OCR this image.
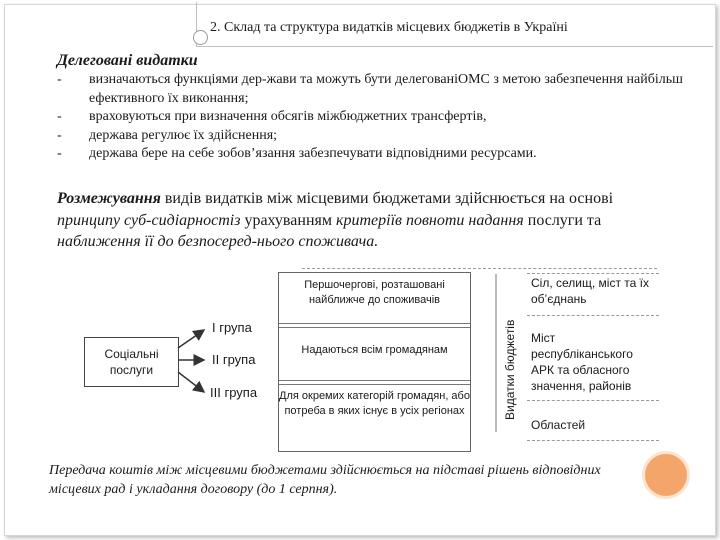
2. Склад та структура видатків місцевих бюджетів в Україні
Делеговані видатки
- визначаються функціями дер-жави та можуть бути делегованіОМС з метою забезпечення найбільш ефективного їх виконання;
- враховуються при визначення обсягів міжбюджетних трансфертів,
- держава регулює їх здійснення;
- держава бере на себе зобов’язання забезпечувати відповідними ресурсами.
Розмежування видів видатків між місцевими бюджетами здійснюється на основі принципу суб-сидіарностіз урахуванням критеріїв повноти надання послуги та наближення її до безпосеред-нього споживача.
Соціальні послуги
І група
ІІ група
ІІІ група
Першочергові, розташовані найближче до споживачів
Надаються всім громадянам
Для окремих категорій громадян, або потреба в яких існує в усіх регіонах	Видатки бюджетів
Сіл, селищ, міст та їх об’єднань
Міст республіканського АРК та обласного значення, районів
Областей
Передача коштів між місцевими бюджетами здійснюється на підставі рішень відповідних місцевих рад і укладання договору (до 1 серпня).
